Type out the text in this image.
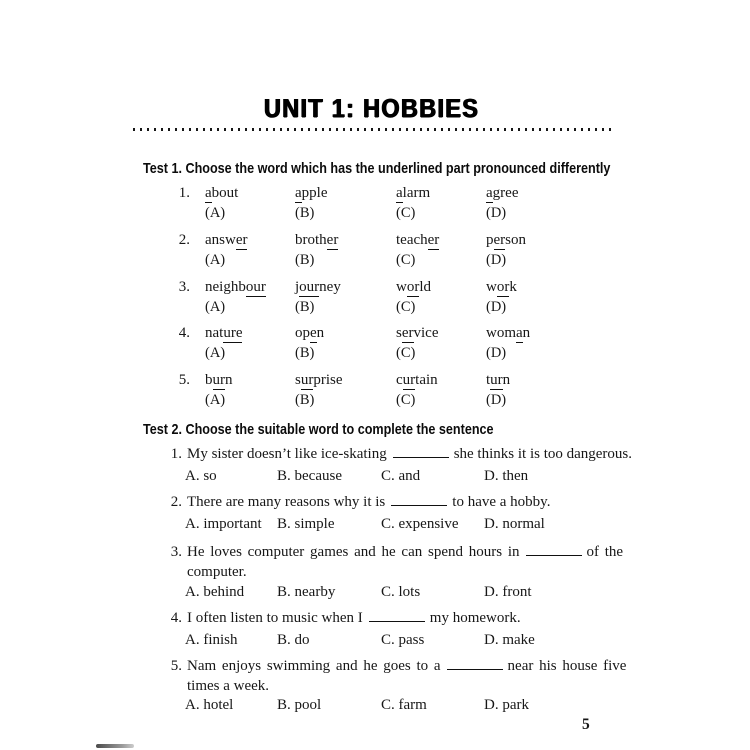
UNIT 1: HOBBIES
Test 1. Choose the word which has the underlined part pronounced differently
1. about
(A)
apple
(B)
alarm
(C)
agree
(D)
2. answer
(A)
brother
(B)
teacher
(C)
person
(D)
3. neighbour
(A)
journey
(B)
world
(C)
work
(D)
4. nature
(A)
open
(B)
service
(C)
woman
(D)
5. burn
(A)
surprise
(B)
curtain
(C)
turn
(D)
Test 2. Choose the suitable word to complete the sentence
1. My sister doesn’t like ice-skating	she thinks it is too dangerous.
A. so	B. because	C. and	D. then
2. There are many reasons why it is	to have a hobby.
A. important B. simple	C. expensive D. normal
3. He loves computer games and he can spend hours in	of the
computer.
A. behind B. nearby	C. lots	D. front
4. I often listen to music when I	my homework.
A. finish	B. do	C. pass	D. make
5. Nam enjoys swimming and he goes to a	near his house five
times a week.
A. hotel	B. pool	C. farm	D. park
5
